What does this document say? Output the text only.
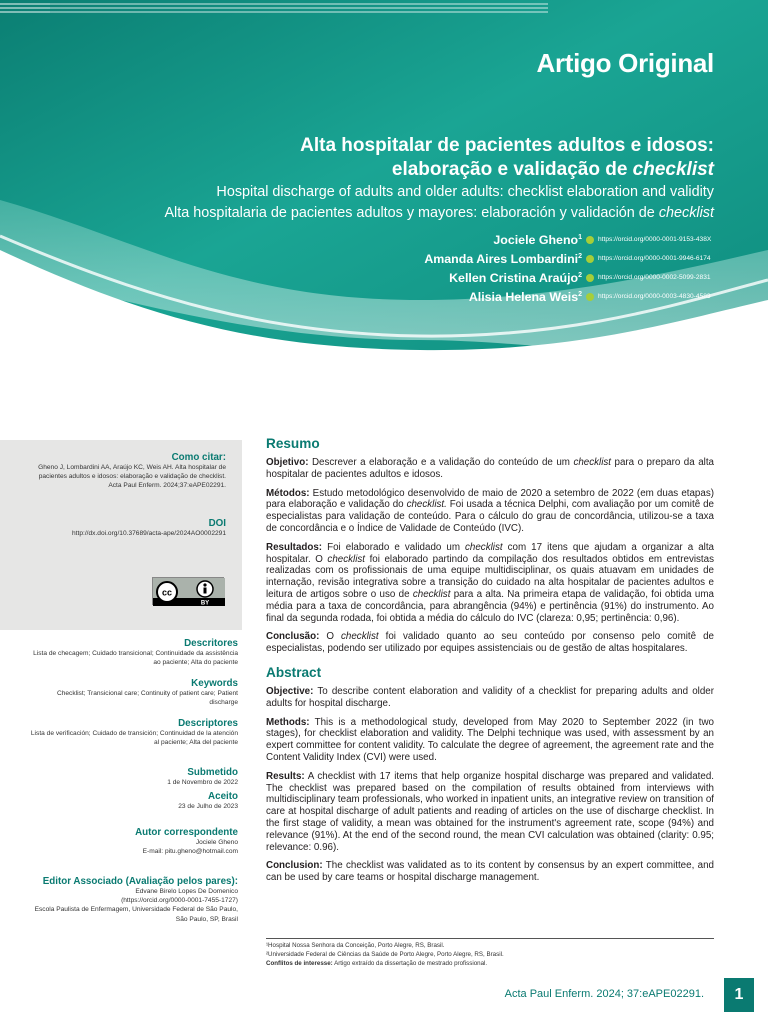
Artigo Original
Alta hospitalar de pacientes adultos e idosos:
elaboração e validação de checklist
Hospital discharge of adults and older adults: checklist elaboration and validity
Alta hospitalaria de pacientes adultos y mayores: elaboración y validación de checklist
Jociele Gheno$^1$ https://orcid.org/0000-0001-9153-438X
Amanda Aires Lombardini$^2$ https://orcid.org/0000-0001-9946-6174
Kellen Cristina Araújo$^2$ https://orcid.org/0000-0002-5099-2831
Alisia Helena Weis$^2$ https://orcid.org/0000-0003-4830-4583
Como citar:
Gheno J, Lombardini AA, Araújo KC, Weis AH. Alta hospitalar de pacientes adultos e idosos: elaboração e validação de checklist. Acta Paul Enferm. 2024;37:eAPE02291.
DOI
http://dx.doi.org/10.37689/acta-ape/2024AO0002291
cc
BY
Descritores
Lista de checagem; Cuidado transicional; Continuidade da assistência ao paciente; Alta do paciente
Keywords
Checklist; Transicional care; Continuity of patient care; Patient discharge
Descriptores
Lista de verificación; Cuidado de transición; Continuidad de la atención al paciente; Alta del paciente
Submetido
1 de Novembro de 2022
Aceito
23 de Julho de 2023
Autor correspondente
Jociele Gheno
E-mail: pitu.gheno@hotmail.com
Editor Associado (Avaliação pelos pares):
Edvane Birelo Lopes De Domenico
(https://orcid.org/0000-0001-7455-1727)
Escola Paulista de Enfermagem, Universidade Federal de São Paulo, São Paulo, SP, Brasil
Resumo

Objetivo: Descrever a elaboração e a validação do conteúdo de um checklist para o preparo da alta hospitalar de pacientes adultos e idosos.

Métodos: Estudo metodológico desenvolvido de maio de 2020 a setembro de 2022 (em duas etapas) para elaboração e validação do checklist. Foi usada a técnica Delphi, com avaliação por um comitê de especialistas para validação de conteúdo. Para o cálculo do grau de concordância, utilizou-se a taxa de concordância e o Índice de Validade de Conteúdo (IVC).

Resultados: Foi elaborado e validado um checklist com 17 itens que ajudam a organizar a alta hospitalar. O checklist foi elaborado partindo da compilação dos resultados obtidos em entrevistas realizadas com os profissionais de uma equipe multidisciplinar, os quais atuavam em unidades de internação, revisão integrativa sobre a transição do cuidado na alta hospitalar de pacientes adultos e leitura de artigos sobre o uso de checklist para a alta. Na primeira etapa de validação, foi obtida uma média para a taxa de concordância, para abrangência (94%) e pertinência (91%) do instrumento. Ao final da segunda rodada, foi obtida a média do cálculo do IVC (clareza: 0,95; pertinência: 0,96).

Conclusão: O checklist foi validado quanto ao seu conteúdo por consenso pelo comitê de especialistas, podendo ser utilizado por equipes assistenciais ou de gestão de altas hospitalares.

Abstract

Objective: To describe content elaboration and validity of a checklist for preparing adults and older adults for hospital discharge.

Methods: This is a methodological study, developed from May 2020 to September 2022 (in two stages), for checklist elaboration and validity. The Delphi technique was used, with assessment by an expert committee for content validity. To calculate the degree of agreement, the agreement rate and the Content Validity Index (CVI) were used.

Results: A checklist with 17 items that help organize hospital discharge was prepared and validated. The checklist was prepared based on the compilation of results obtained from interviews with multidisciplinary team professionals, who worked in inpatient units, an integrative review on transition of care at hospital discharge of adult patients and reading of articles on the use of discharge checklist. In the first stage of validity, a mean was obtained for the instrument's agreement rate, scope (94%) and relevance (91%). At the end of the second round, the mean CVI calculation was obtained (clarity: 0.95; relevance: 0.96).

Conclusion: The checklist was validated as to its content by consensus by an expert committee, and can be used by care teams or hospital discharge management.

¹Hospital Nossa Senhora da Conceição, Porto Alegre, RS, Brasil.
²Universidade Federal de Ciências da Saúde de Porto Alegre, Porto Alegre, RS, Brasil.
Conflitos de interesse: Artigo extraído da dissertação de mestrado profissional.
Acta Paul Enferm. 2024; 37:eAPE02291.	1
